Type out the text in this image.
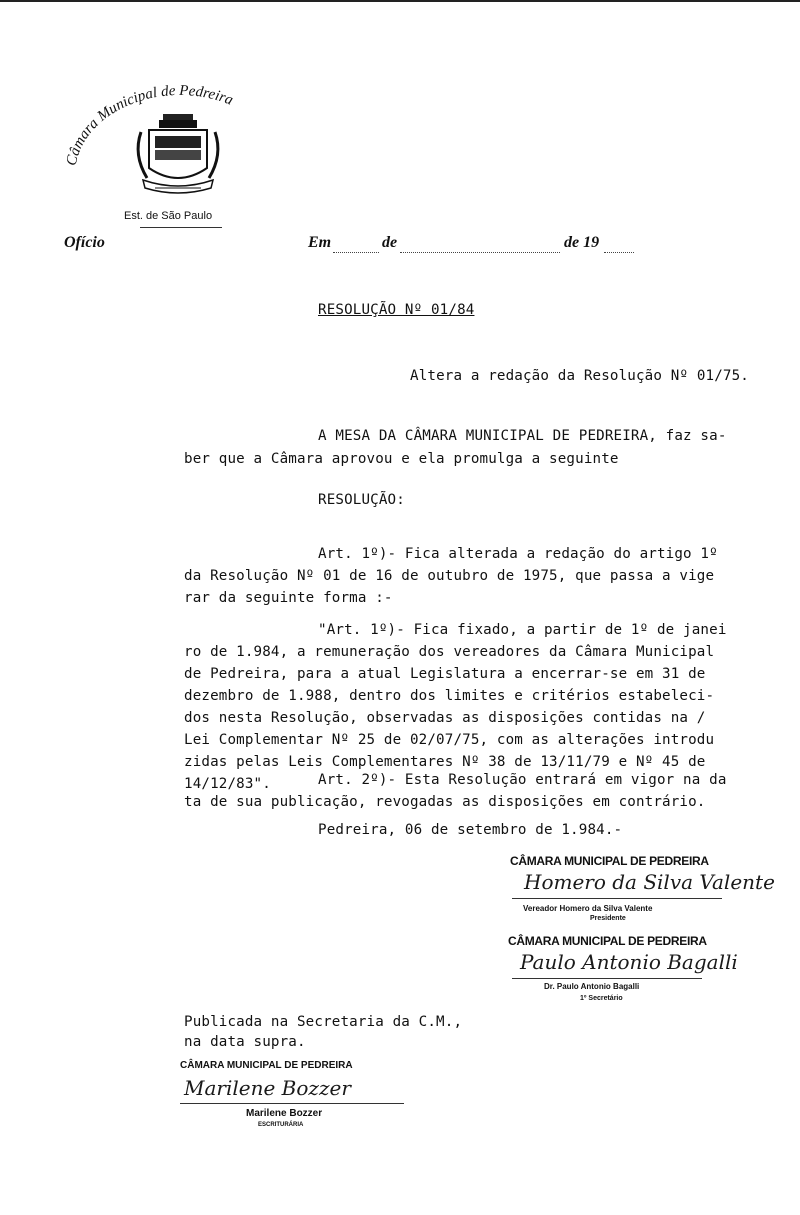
Câmara Municipal de Pedreira
Est. de São Paulo
Ofício	Em	de	de 19
RESOLUÇÃO Nº 01/84
Altera a redação da Resolução Nº 01/75.
A MESA DA CÂMARA MUNICIPAL DE PEDREIRA, faz sa-
ber que a Câmara aprovou e ela promulga a seguinte
RESOLUÇÃO:
Art. 1º)- Fica alterada a redação do artigo 1º
da Resolução Nº 01 de 16 de outubro de 1975, que passa a vige
rar da seguinte forma :-
"Art. 1º)- Fica fixado, a partir de 1º de janei
ro de 1.984, a remuneração dos vereadores da Câmara Municipal
de Pedreira, para a atual Legislatura a encerrar-se em 31 de
dezembro de 1.988, dentro dos limites e critérios estabeleci-
dos nesta Resolução, observadas as disposições contidas na /
Lei Complementar Nº 25 de 02/07/75, com as alterações introdu
zidas pelas Leis Complementares Nº 38 de 13/11/79 e Nº 45 de
14/12/83".	Art. 2º)- Esta Resolução entrará em vigor na da
ta de sua publicação, revogadas as disposições em contrário.
Pedreira, 06 de setembro de 1.984.-
CÂMARA MUNICIPAL DE PEDREIRA
Homero da Silva Valente
Vereador Homero da Silva Valente
Presidente
CÂMARA MUNICIPAL DE PEDREIRA
Paulo Antonio Bagalli
Dr. Paulo Antonio Bagalli
1º Secretário
Publicada na Secretaria da C.M.,
na data supra.
CÂMARA MUNICIPAL DE PEDREIRA
Marilene Bozzer
Marilene Bozzer
ESCRITURÁRIA
